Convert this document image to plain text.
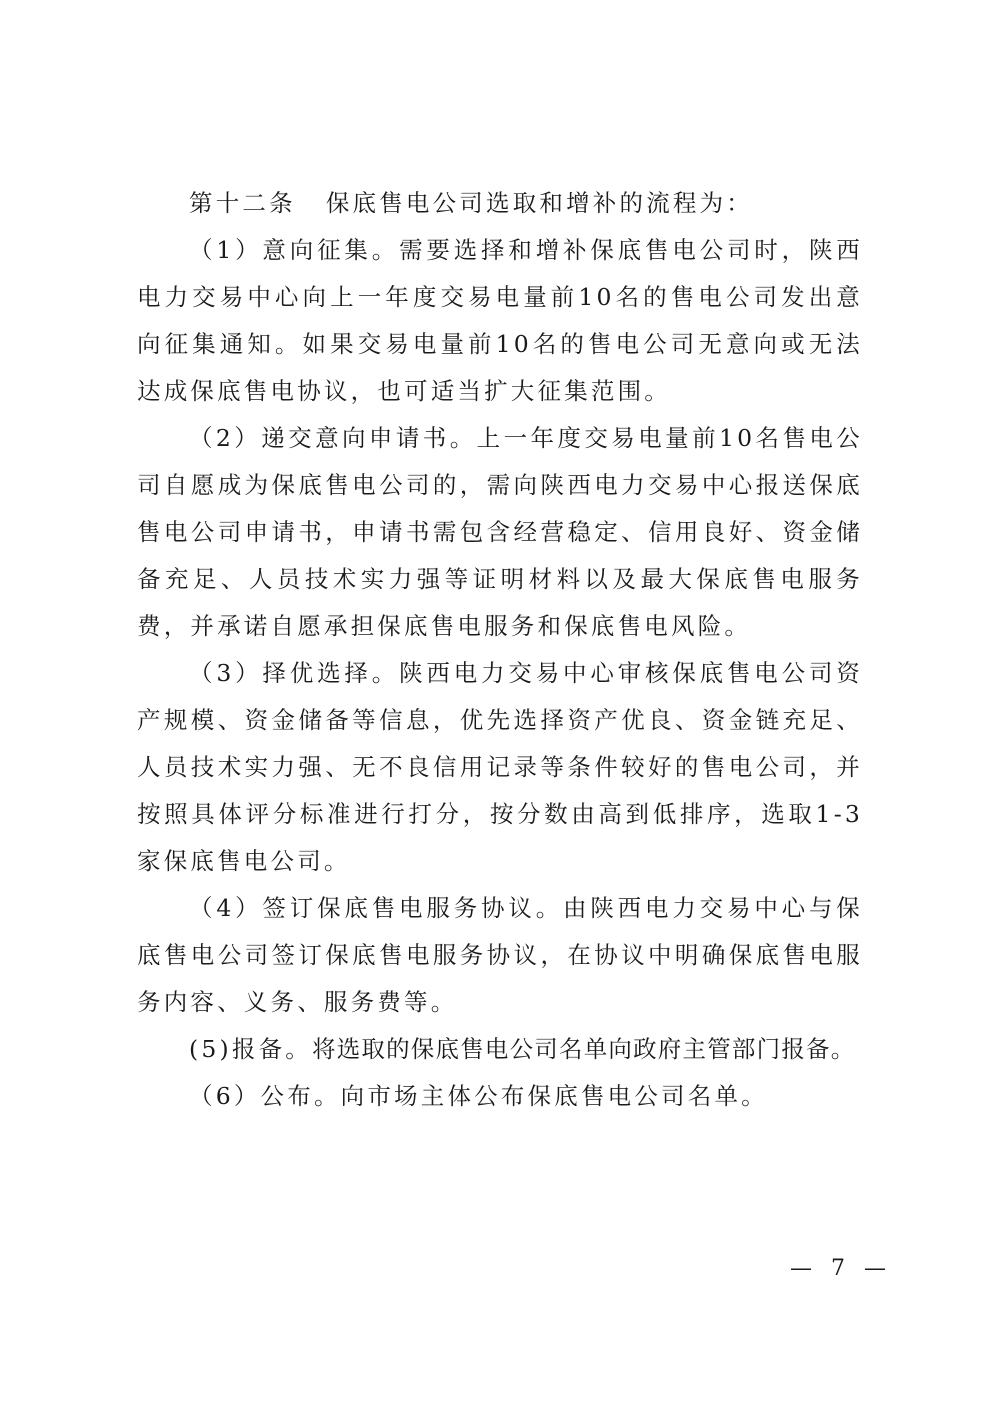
第十二条 保底售电公司选取和增补的流程为：

（1）意向征集。需要选择和增补保底售电公司时，陕西电力交易中心向上一年度交易电量前10名的售电公司发出意向征集通知。如果交易电量前10名的售电公司无意向或无法达成保底售电协议，也可适当扩大征集范围。

（2）递交意向申请书。上一年度交易电量前10名售电公司自愿成为保底售电公司的，需向陕西电力交易中心报送保底售电公司申请书，申请书需包含经营稳定、信用良好、资金储备充足、人员技术实力强等证明材料以及最大保底售电服务费，并承诺自愿承担保底售电服务和保底售电风险。

（3）择优选择。陕西电力交易中心审核保底售电公司资产规模、资金储备等信息，优先选择资产优良、资金链充足、人员技术实力强、无不良信用记录等条件较好的售电公司，并按照具体评分标准进行打分，按分数由高到低排序，选取1-3家保底售电公司。

（4）签订保底售电服务协议。由陕西电力交易中心与保底售电公司签订保底售电服务协议，在协议中明确保底售电服务内容、义务、服务费等。

(5)报备。将选取的保底售电公司名单向政府主管部门报备。

（6）公布。向市场主体公布保底售电公司名单。

— 7 —
